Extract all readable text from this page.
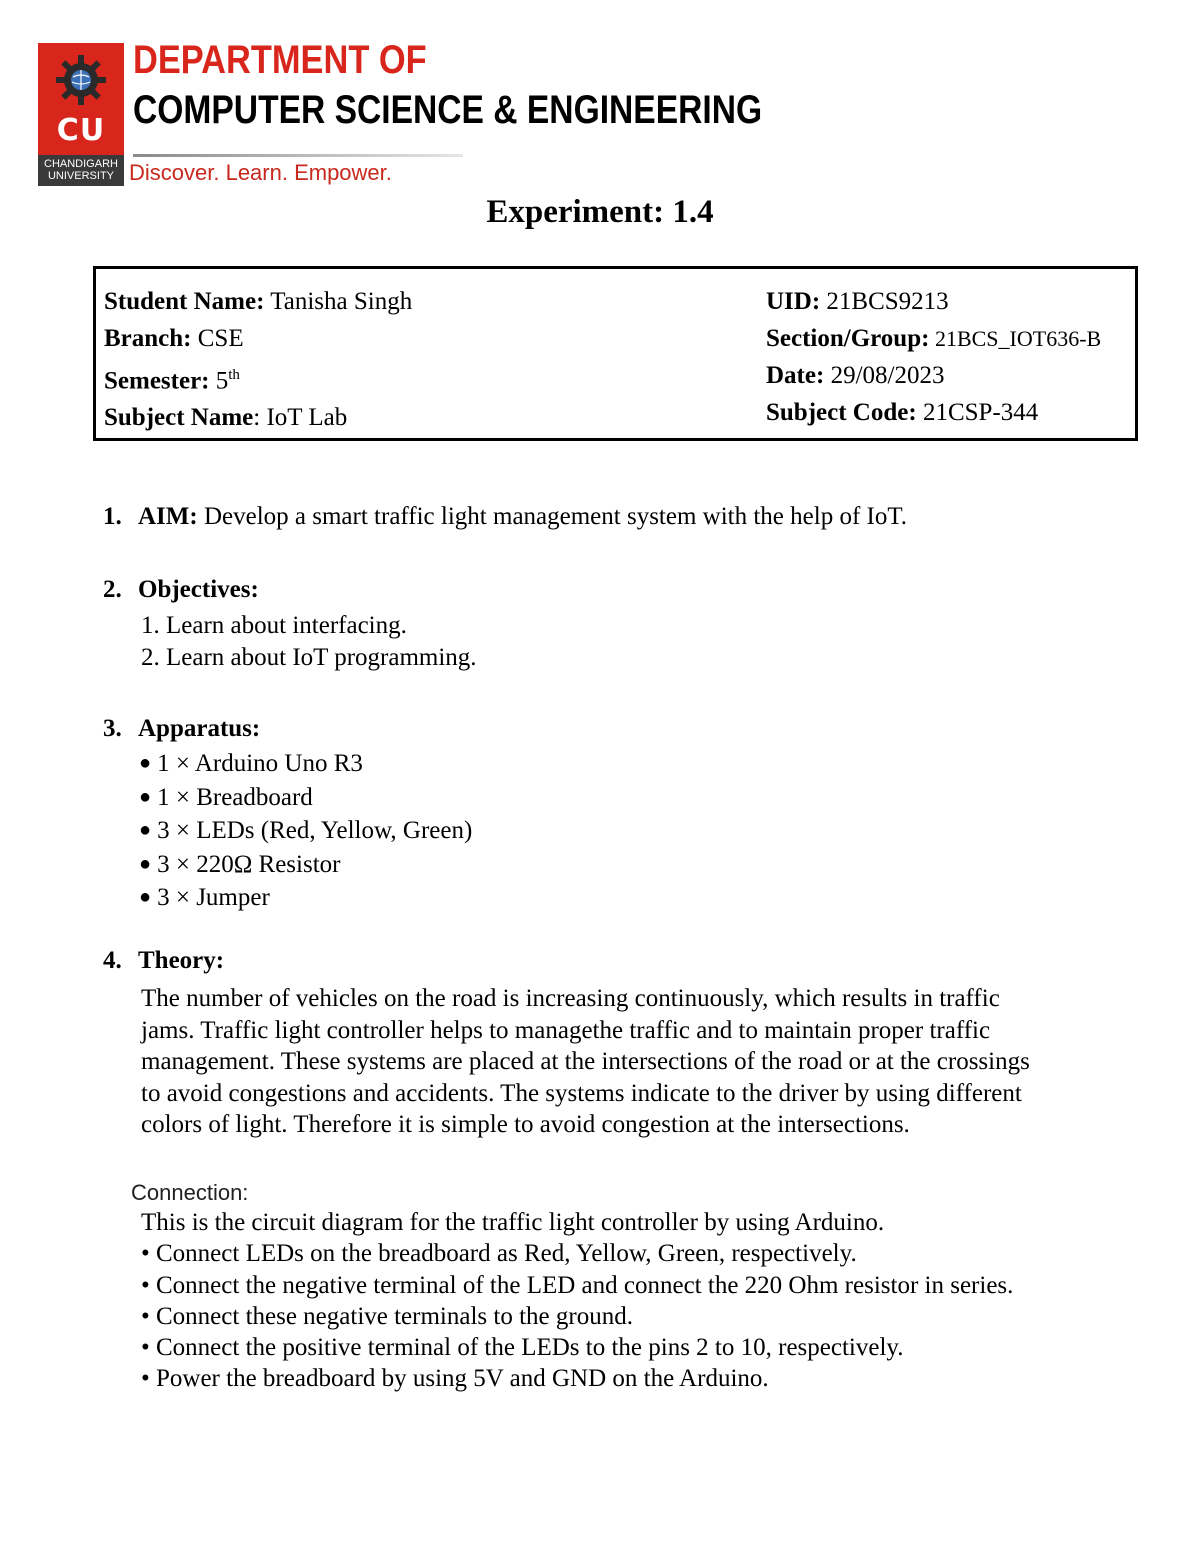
CU
CHANDIGARH
UNIVERSITY
DEPARTMENT OF
COMPUTER SCIENCE & ENGINEERING
Discover. Learn. Empower.
Experiment: 1.4
Student Name: Tanisha Singh
Branch: CSE
Semester: 5th
Subject Name: IoT Lab
UID: 21BCS9213
Section/Group: 21BCS_IOT636-B
Date: 29/08/2023
Subject Code: 21CSP-344
1. AIM: Develop a smart traffic light management system with the help of IoT.
2. Objectives:
1. Learn about interfacing.
2. Learn about IoT programming.
3. Apparatus:
● 1 × Arduino Uno R3
● 1 × Breadboard
● 3 × LEDs (Red, Yellow, Green)
● 3 × 220Ω Resistor
● 3 × Jumper
4. Theory:
The number of vehicles on the road is increasing continuously, which results in traffic
jams. Traffic light controller helps to managethe traffic and to maintain proper traffic
management. These systems are placed at the intersections of the road or at the crossings
to avoid congestions and accidents. The systems indicate to the driver by using different
colors of light. Therefore it is simple to avoid congestion at the intersections.
Connection:
This is the circuit diagram for the traffic light controller by using Arduino.
• Connect LEDs on the breadboard as Red, Yellow, Green, respectively.
• Connect the negative terminal of the LED and connect the 220 Ohm resistor in series.
• Connect these negative terminals to the ground.
• Connect the positive terminal of the LEDs to the pins 2 to 10, respectively.
• Power the breadboard by using 5V and GND on the Arduino.
